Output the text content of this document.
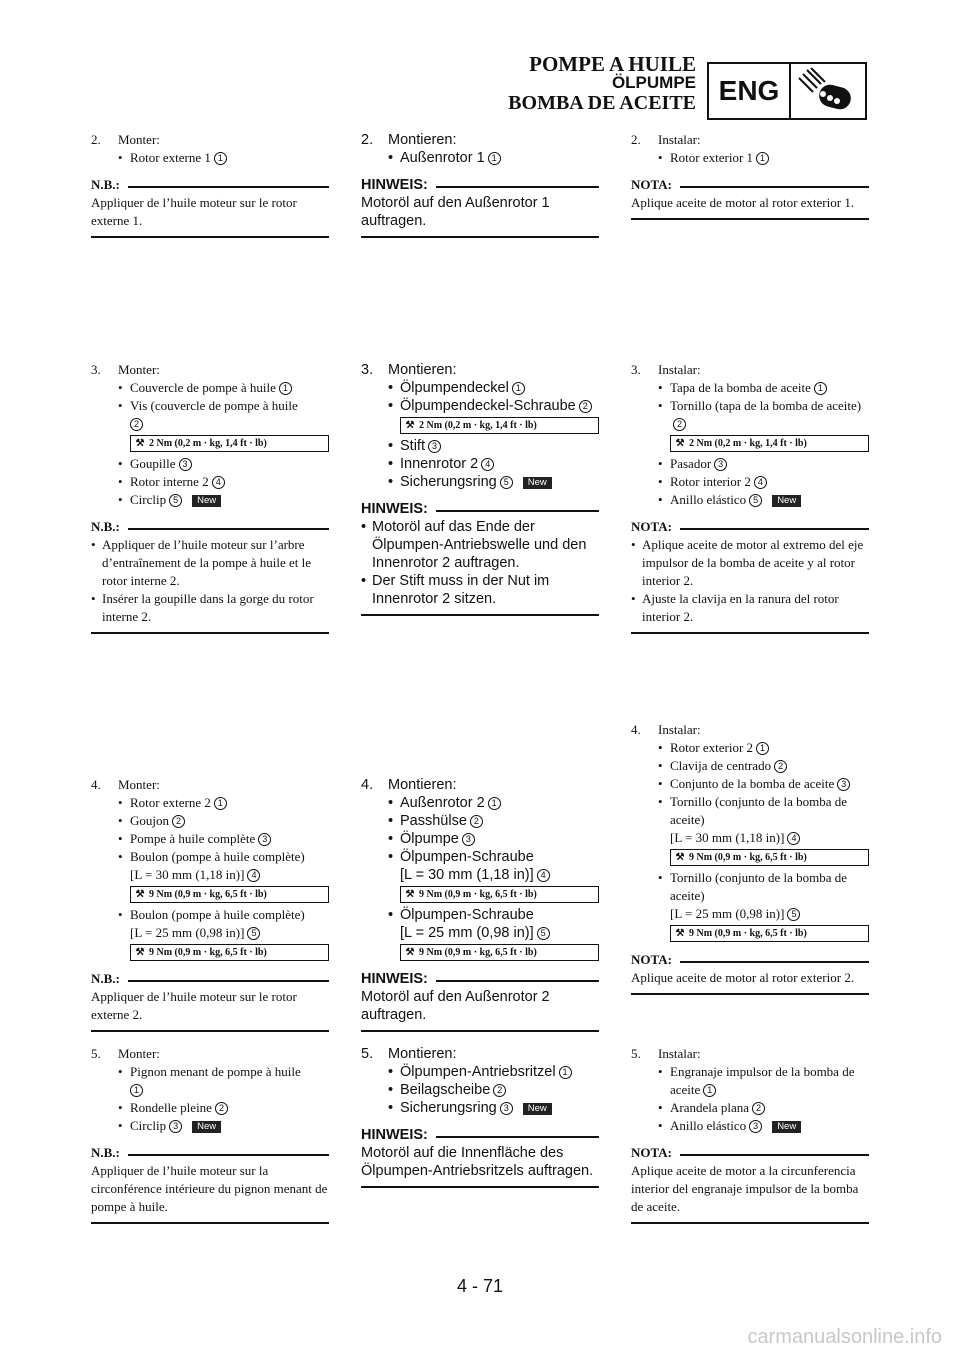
POMPE A HUILE
ÖLPUMPE
BOMBA DE ACEITE ENG
2.	Monter:
• Rotor externe 1 1
N.B.:
Appliquer de l’huile moteur sur le rotor externe 1.
3.	Monter:
• Couvercle de pompe à huile 1
• Vis (couvercle de pompe à huile
2
⚒ 2 Nm (0,2 m · kg, 1,4 ft · lb)
• Goupille 3
• Rotor interne 2 4
• Circlip 5 New
N.B.:
• Appliquer de l’huile moteur sur l’arbre d’entraînement de la pompe à huile et le rotor interne 2.
• Insérer la goupille dans la gorge du rotor interne 2.
4.	Monter:
• Rotor externe 2 1
• Goujon 2
• Pompe à huile complète 3
• Boulon (pompe à huile complète)
[L = 30 mm (1,18 in)] 4
⚒ 9 Nm (0,9 m · kg, 6,5 ft · lb)
• Boulon (pompe à huile complète)
[L = 25 mm (0,98 in)] 5
⚒ 9 Nm (0,9 m · kg, 6,5 ft · lb)
N.B.:
Appliquer de l’huile moteur sur le rotor externe 2.
5.	Monter:
• Pignon menant de pompe à huile
1
• Rondelle pleine 2
• Circlip 3 New
N.B.:
Appliquer de l’huile moteur sur la circonférence intérieure du pignon menant de pompe à huile.
2.	Montieren:
• Außenrotor 1 1
HINWEIS:
Motoröl auf den Außenrotor 1 auftragen.
3.	Montieren:
• Ölpumpendeckel 1
• Ölpumpendeckel-Schraube 2
⚒ 2 Nm (0,2 m · kg, 1,4 ft · lb)
• Stift 3
• Innenrotor 2 4
• Sicherungsring 5 New
HINWEIS:
• Motoröl auf das Ende der Ölpumpen-Antriebswelle und den Innenrotor 2 auftragen.
• Der Stift muss in der Nut im Innenrotor 2 sitzen.
4.	Montieren:
• Außenrotor 2 1
• Passhülse 2
• Ölpumpe 3
• Ölpumpen-Schraube
[L = 30 mm (1,18 in)] 4
⚒ 9 Nm (0,9 m · kg, 6,5 ft · lb)
• Ölpumpen-Schraube
[L = 25 mm (0,98 in)] 5
⚒ 9 Nm (0,9 m · kg, 6,5 ft · lb)
HINWEIS:
Motoröl auf den Außenrotor 2 auftragen.
5.	Montieren:
• Ölpumpen-Antriebsritzel 1
• Beilagscheibe 2
• Sicherungsring 3 New
HINWEIS:
Motoröl auf die Innenfläche des Ölpumpen-Antriebsritzels auftragen.
2.	Instalar:
• Rotor exterior 1 1
NOTA:
Aplique aceite de motor al rotor exterior 1.
3.	Instalar:
• Tapa de la bomba de aceite 1
• Tornillo (tapa de la bomba de aceite)2
⚒ 2 Nm (0,2 m · kg, 1,4 ft · lb)
• Pasador 3
• Rotor interior 2 4
• Anillo elástico 5 New
NOTA:
• Aplique aceite de motor al extremo del eje impulsor de la bomba de aceite y al rotor interior 2.
• Ajuste la clavija en la ranura del rotor interior 2.
4.	Instalar:
• Rotor exterior 2 1
• Clavija de centrado 2
• Conjunto de la bomba de aceite 3
• Tornillo (conjunto de la bomba de aceite)
[L = 30 mm (1,18 in)] 4
⚒ 9 Nm (0,9 m · kg, 6,5 ft · lb)
• Tornillo (conjunto de la bomba de aceite)
[L = 25 mm (0,98 in)] 5
⚒ 9 Nm (0,9 m · kg, 6,5 ft · lb)
NOTA:
Aplique aceite de motor al rotor exterior 2.
5.	Instalar:
• Engranaje impulsor de la bomba de aceite 1
• Arandela plana 2
• Anillo elástico 3 New
NOTA:
Aplique aceite de motor a la circunferencia interior del engranaje impulsor de la bomba de aceite.
4 - 71
carmanualsonline.info
